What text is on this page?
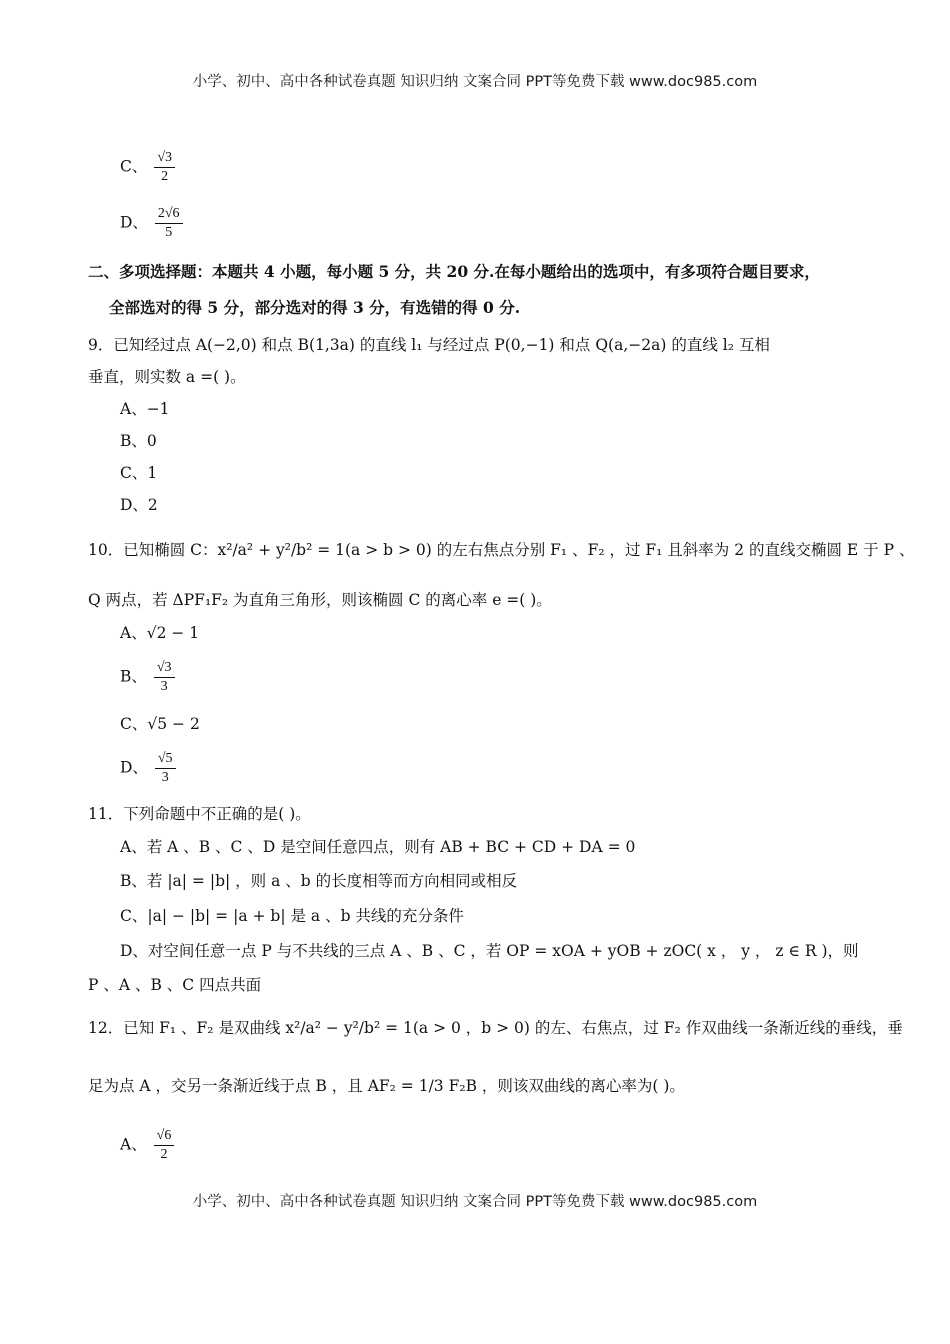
小学、初中、高中各种试卷真题 知识归纳 文案合同 PPT等免费下载 www.doc985.com
C、 $\frac{√3}{2}$
D、 $\frac{2√6}{5}$
二、多项选择题：本题共 4 小题，每小题 5 分，共 20 分.在每小题给出的选项中，有多项符合题目要求，
全部选对的得 5 分，部分选对的得 3 分，有选错的得 0 分.
9．已知经过点 A(−2,0) 和点 B(1,3a) 的直线 l₁ 与经过点 P(0,−1) 和点 Q(a,−2a) 的直线 l₂ 互相
垂直，则实数 a =( )。
A、−1
B、0
C、1
D、2
10．已知椭圆 C：x²/a² + y²/b² = 1(a > b > 0) 的左右焦点分别 F₁ 、F₂ ，过 F₁ 且斜率为 2 的直线交椭圆 E 于 P 、
Q 两点，若 ΔPF₁F₂ 为直角三角形，则该椭圆 C 的离心率 e =( )。
A、√2 − 1
B、 $\frac{√3}{3}$
C、√5 − 2
D、 $\frac{√5}{3}$
11．下列命题中不正确的是( )。
A、若 A 、B 、C 、D 是空间任意四点，则有 AB + BC + CD + DA = 0
B、若 |a| = |b| ，则 a 、b 的长度相等而方向相同或相反
C、|a| − |b| = |a + b| 是 a 、b 共线的充分条件
D、对空间任意一点 P 与不共线的三点 A 、B 、C ，若 OP = xOA + yOB + zOC( x ， y ， z ∈ R )，则
P 、A 、B 、C 四点共面
12．已知 F₁ 、F₂ 是双曲线 x²/a² − y²/b² = 1(a > 0 ，b > 0) 的左、右焦点，过 F₂ 作双曲线一条渐近线的垂线，垂
足为点 A ，交另一条渐近线于点 B ，且 AF₂ = 1/3 F₂B ，则该双曲线的离心率为( )。
A、 $\frac{√6}{2}$
小学、初中、高中各种试卷真题 知识归纳 文案合同 PPT等免费下载 www.doc985.com
